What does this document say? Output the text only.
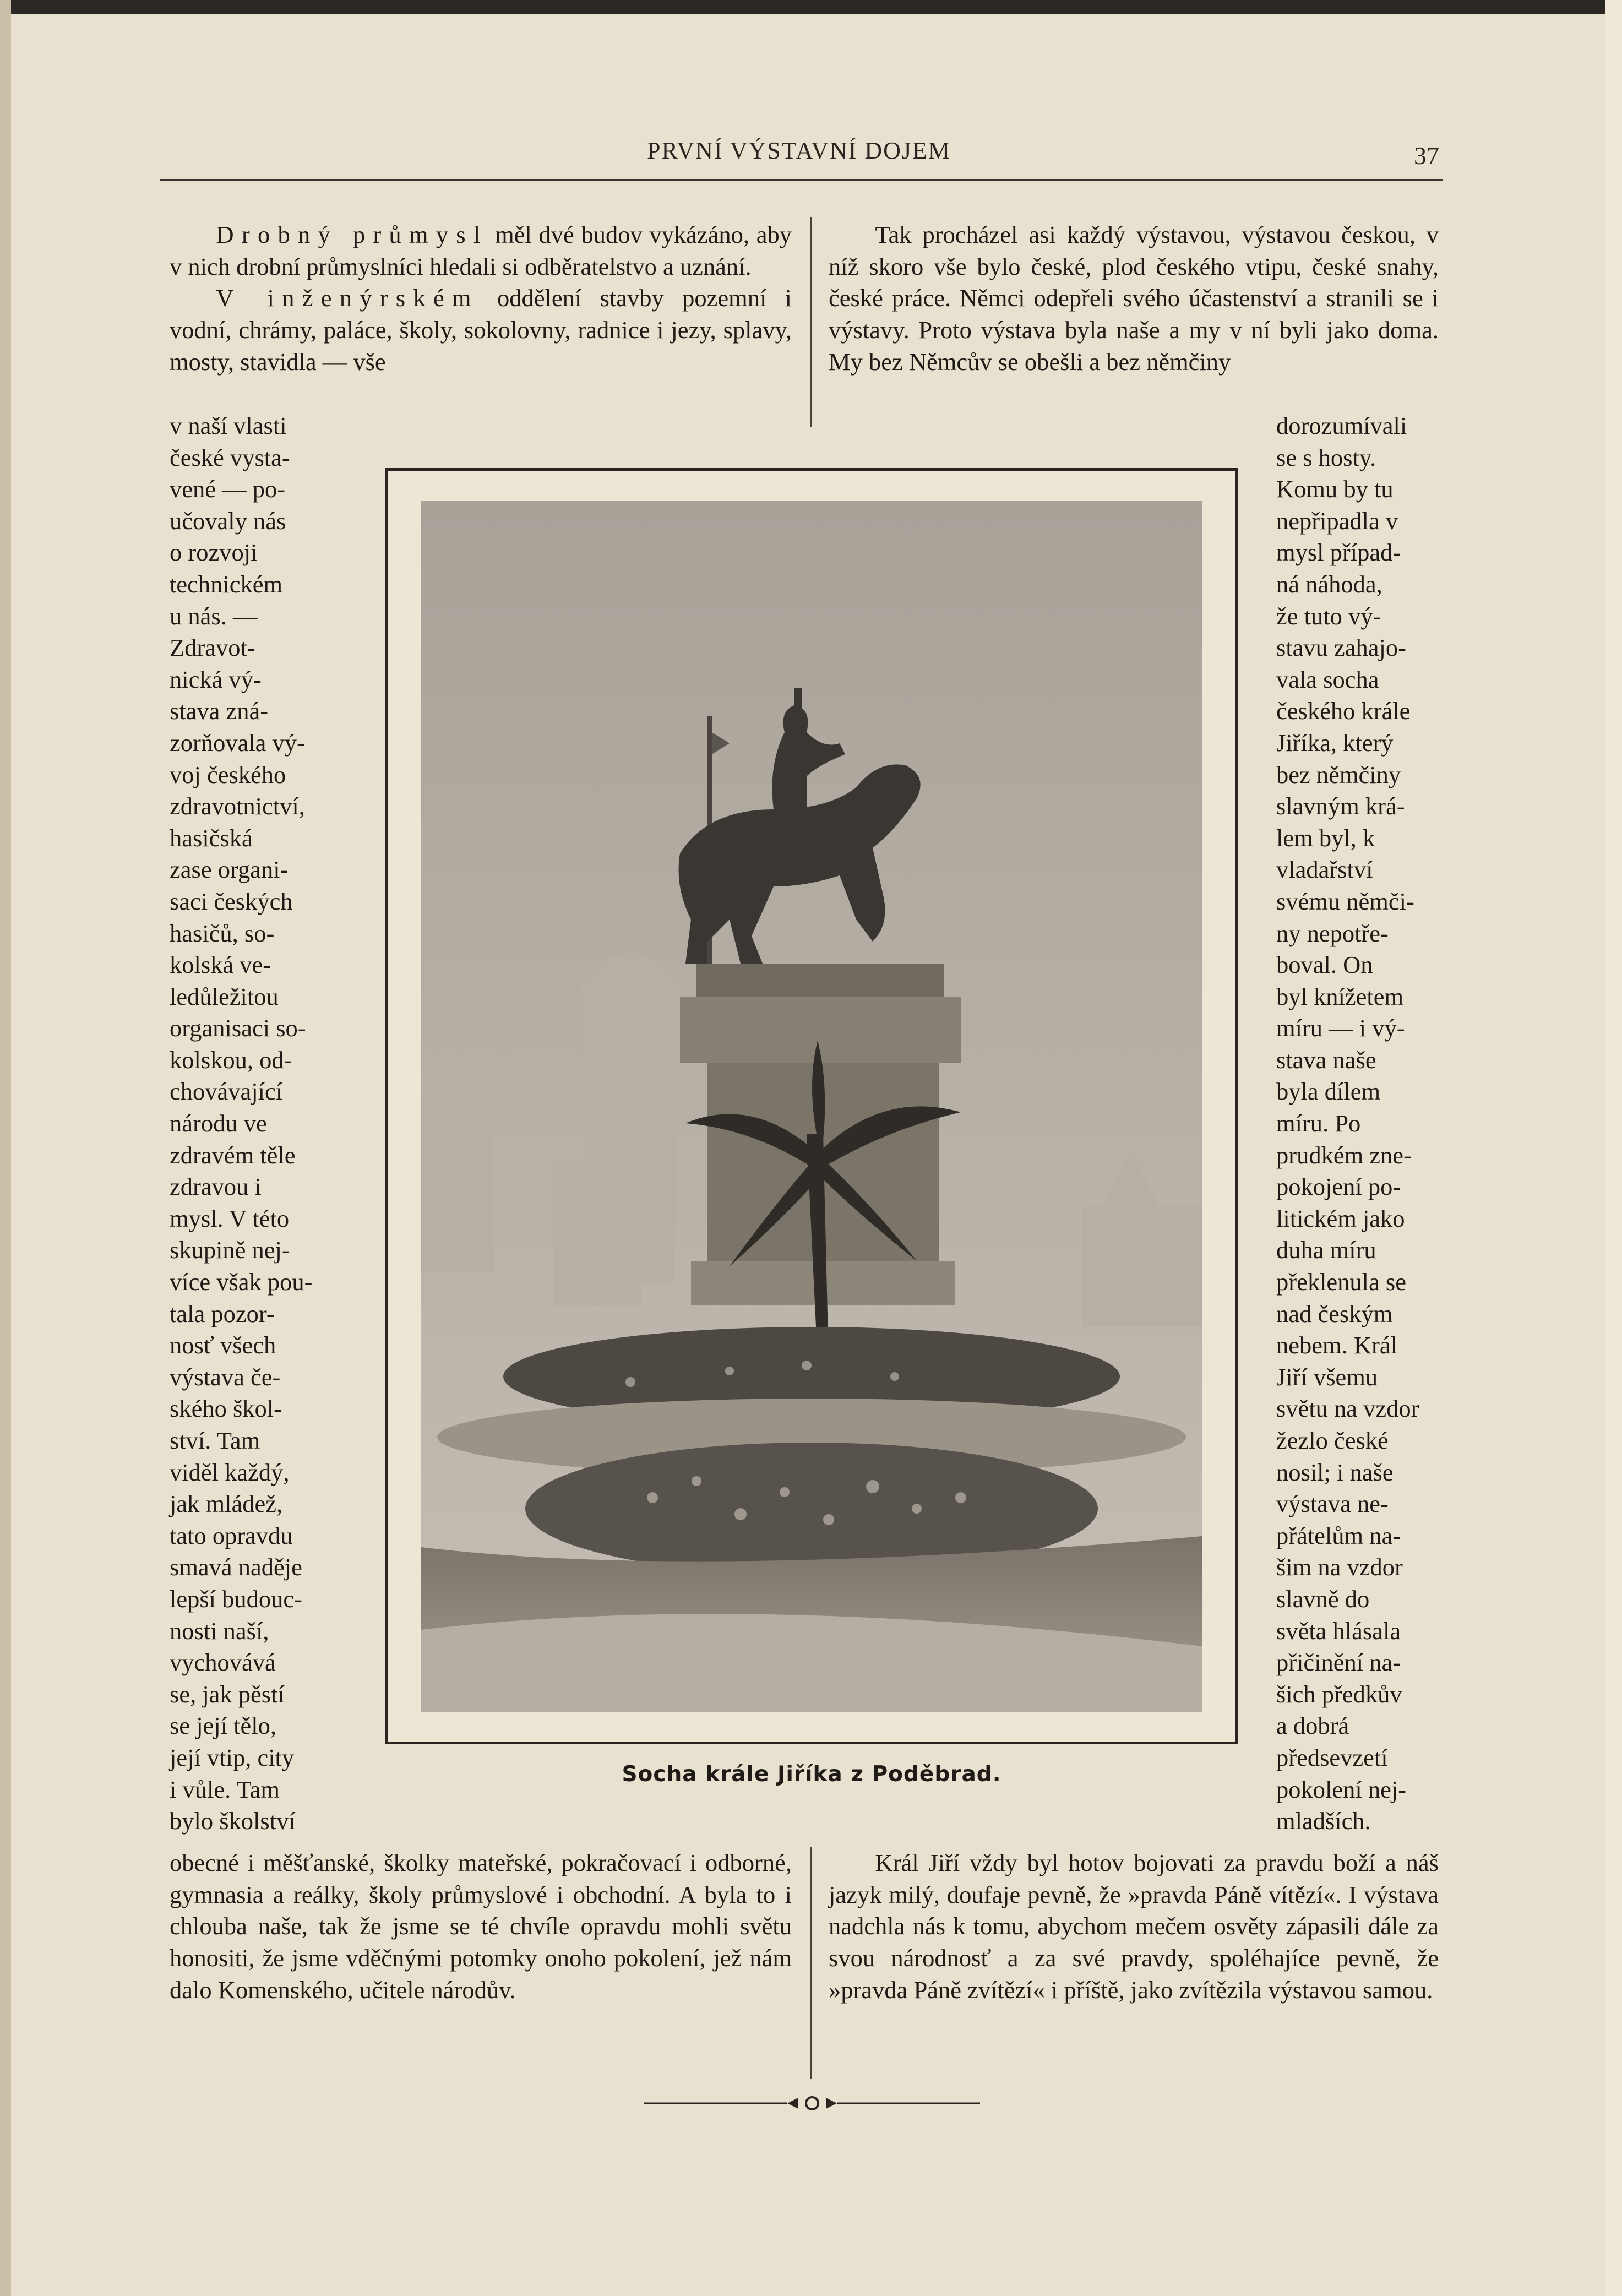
PRVNÍ VÝSTAVNÍ DOJEM	37

Drobný průmysl měl dvé budov vykázáno, aby v nich drobní průmyslníci hledali si odběratelstvo a uznání.

V inženýrském oddělení stavby pozemní i vodní, chrámy, paláce, školy, sokolovny, radnice i jezy, splavy, mosty, stavidla — vše

v naší vlasti
české vysta-
vené — po-
učovaly nás
o rozvoji
technickém
u nás. —
Zdravot-
nická vý-
stava zná-
zorňovala vý-
voj českého
zdravotnictví,
hasičská
zase organi-
saci českých
hasičů, so-
kolská ve-
ledůležitou
organisaci so-
kolskou, od-
chovávající
národu ve
zdravém těle
zdravou i
mysl. V této
skupině nej-
více však pou-
tala pozor-
nosť všech
výstava če-
ského škol-
ství. Tam
viděl každý,
jak mládež,
tato opravdu
smavá naděje
lepší budouc-
nosti naší,
vychovává
se, jak pěstí
se její tělo,
její vtip, city
i vůle. Tam
bylo školství

obecné i měšťanské, školky mateřské, pokračovací i odborné, gymnasia a reálky, školy průmyslové i obchodní. A byla to i chlouba naše, tak že jsme se té chvíle opravdu mohli světu honositi, že jsme vděčnými potomky onoho pokolení, jež nám dalo Komenského, učitele národův.

Tak procházel asi každý výstavou, výstavou českou, v níž skoro vše bylo české, plod českého vtipu, české snahy, české práce. Němci odepřeli svého účastenství a stranili se i výstavy. Proto výstava byla naše a my v ní byli jako doma. My bez Němcův se obešli a bez němčiny

dorozumívali
se s hosty.
Komu by tu
nepřipadla v
mysl případ-
ná náhoda,
že tuto vý-
stavu zahajo-
vala socha
českého krále
Jiříka, který
bez němčiny
slavným krá-
lem byl, k
vladařství
svému němči-
ny nepotře-
boval. On
byl knížetem
míru — i vý-
stava naše
byla dílem
míru. Po
prudkém zne-
pokojení po-
litickém jako
duha míru
překlenula se
nad českým
nebem. Král
Jiří všemu
světu na vzdor
žezlo české
nosil; i naše
výstava ne-
přátelům na-
šim na vzdor
slavně do
světa hlásala
přičinění na-
šich předkův
a dobrá
předsevzetí
pokolení nej-
mladších.

Král Jiří vždy byl hotov bojovati za pravdu boží a náš jazyk milý, doufaje pevně, že »pravda Páně vítězí«. I výstava nadchla nás k tomu, abychom mečem osvěty zápasili dále za svou národnosť a za své pravdy, spoléhajíce pevně, že »pravda Páně zvítězí« i příště, jako zvítězila výstavou samou.

Socha krále Jiříka z Poděbrad.
